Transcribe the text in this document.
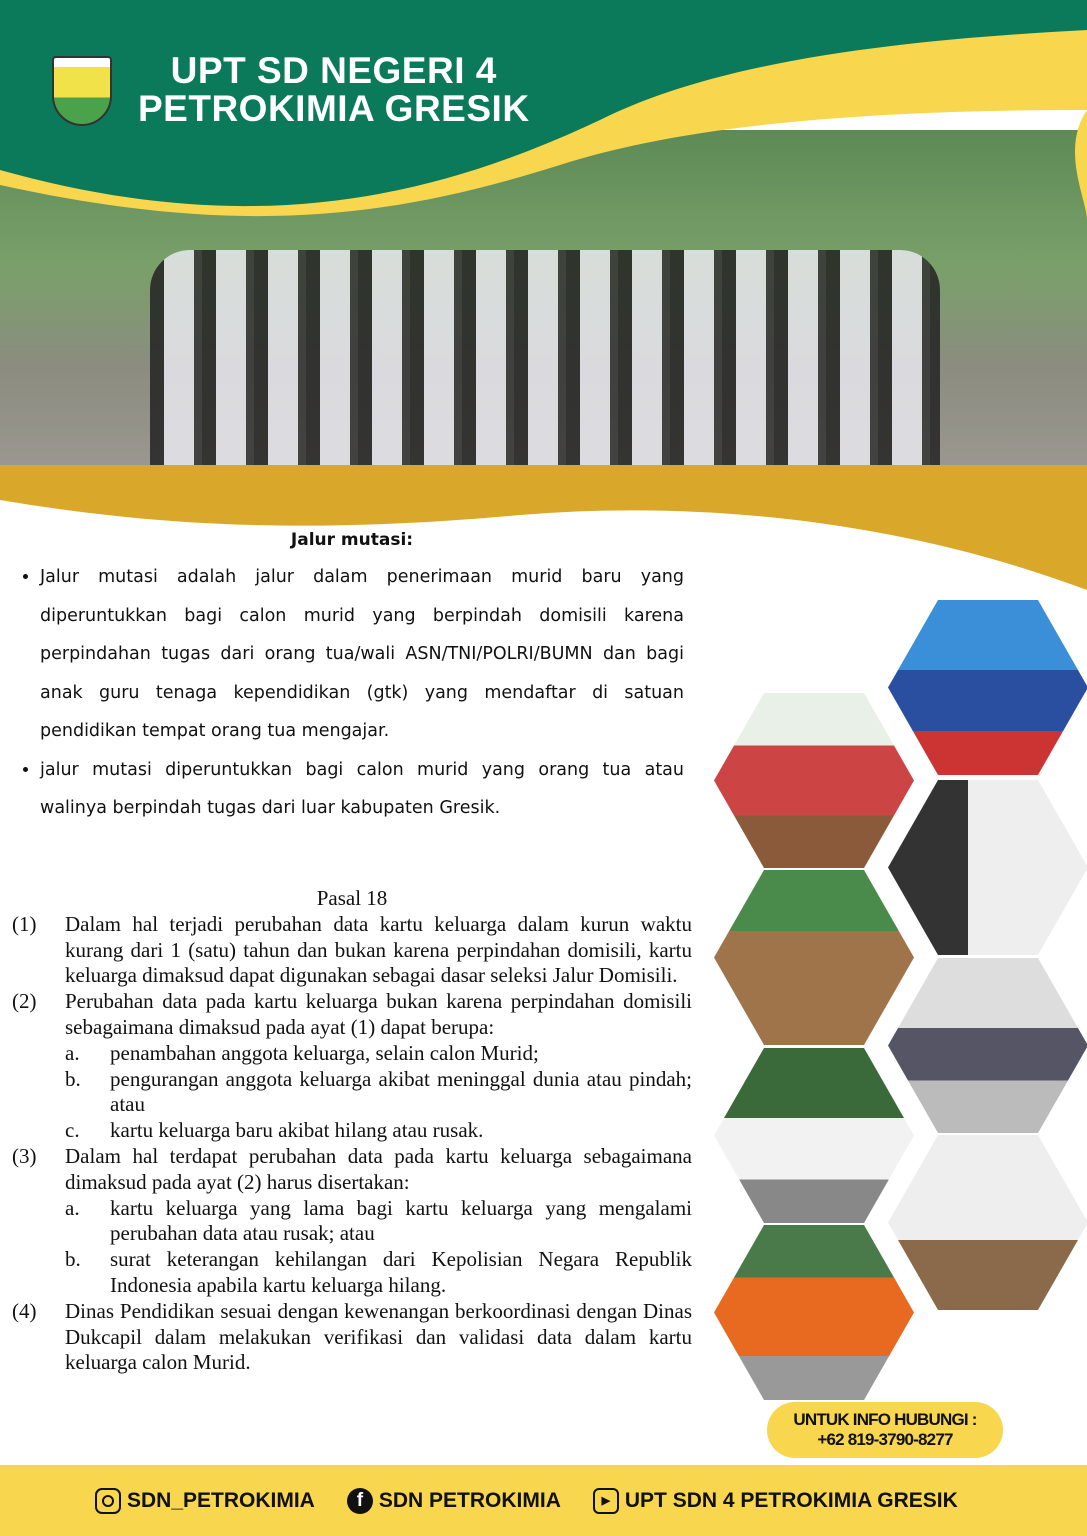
UPT SD NEGERI 4
PETROKIMIA GRESIK
Jalur mutasi:
• Jalur mutasi adalah jalur dalam penerimaan murid baru yang diperuntukkan bagi calon murid yang berpindah domisili karena perpindahan tugas dari orang tua/wali ASN/TNI/POLRI/BUMN dan bagi anak guru tenaga kependidikan (gtk) yang mendaftar di satuan pendidikan tempat orang tua mengajar.
• jalur mutasi diperuntukkan bagi calon murid yang orang tua atau walinya berpindah tugas dari luar kabupaten Gresik.
Pasal 18
(1)	Dalam hal terjadi perubahan data kartu keluarga dalam kurun waktu kurang dari 1 (satu) tahun dan bukan karena perpindahan domisili, kartu keluarga dimaksud dapat digunakan sebagai dasar seleksi Jalur Domisili.
(2)	Perubahan data pada kartu keluarga bukan karena perpindahan domisili sebagaimana dimaksud pada ayat (1) dapat berupa:
a.	penambahan anggota keluarga, selain calon Murid;
b.	pengurangan anggota keluarga akibat meninggal dunia atau pindah; atau
c.	kartu keluarga baru akibat hilang atau rusak.
(3)	Dalam hal terdapat perubahan data pada kartu keluarga sebagaimana dimaksud pada ayat (2) harus disertakan:
a.	kartu keluarga yang lama bagi kartu keluarga yang mengalami perubahan data atau rusak; atau
b.	surat keterangan kehilangan dari Kepolisian Negara Republik Indonesia apabila kartu keluarga hilang.
(4)	Dinas Pendidikan sesuai dengan kewenangan berkoordinasi dengan Dinas Dukcapil dalam melakukan verifikasi dan validasi data dalam kartu keluarga calon Murid.
UNTUK INFO HUBUNGI :
+62 819-3790-8277
SDN_PETROKIMIA	f SDN PETROKIMIA	▶ UPT SDN 4 PETROKIMIA GRESIK
